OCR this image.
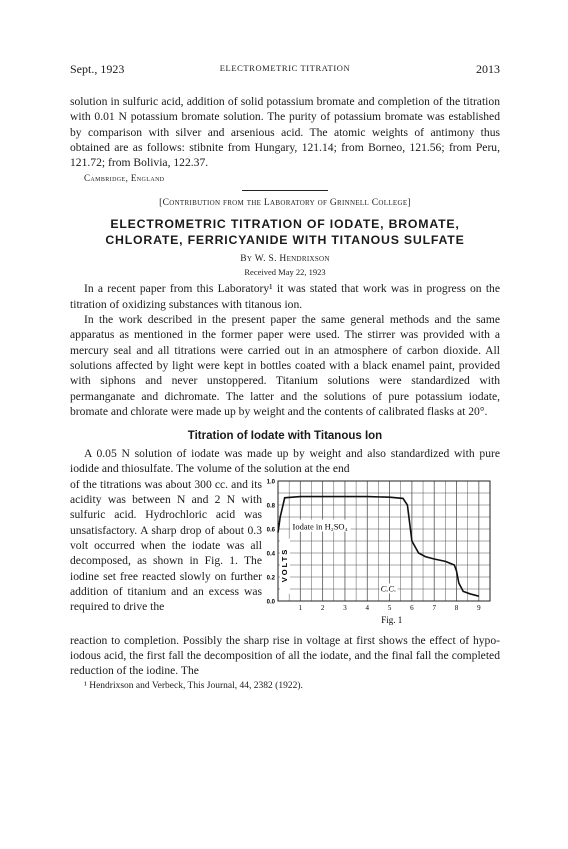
Sept., 1923	ELECTROMETRIC TITRATION	2013

solution in sulfuric acid, addition of solid potassium bromate and completion of the titration with 0.01 N potassium bromate solution. The purity of potassium bromate was established by comparison with silver and arsenious acid. The atomic weights of antimony thus obtained are as follows: stibnite from Hungary, 121.14; from Borneo, 121.56; from Peru, 121.72; from Bolivia, 122.37.

Cambridge, England

[Contribution from the Laboratory of Grinnell College]

ELECTROMETRIC TITRATION OF IODATE, BROMATE,

CHLORATE, FERRICYANIDE WITH TITANOUS SULFATE

By W. S. Hendrixson

Received May 22, 1923

In a recent paper from this Laboratory¹ it was stated that work was in progress on the titration of oxidizing substances with titanous ion.

In the work described in the present paper the same general methods and the same apparatus as mentioned in the former paper were used. The stirrer was provided with a mercury seal and all titrations were carried out in an atmosphere of carbon dioxide. All solutions affected by light were kept in bottles coated with a black enamel paint, provided with siphons and never unstoppered. Titanium solutions were standardized with permanganate and dichromate. The latter and the solutions of pure potassium iodate, bromate and chlorate were made up by weight and the contents of calibrated flasks at 20°.

Titration of Iodate with Titanous Ion

A 0.05 N solution of iodate was made up by weight and also standardized with pure iodide and thiosulfate. The volume of the solution at the end

of the titrations was about 300 cc. and its acidity was between N and 2 N with sulfuric acid. Hydrochloric acid was unsatisfactory. A sharp drop of about 0.3 volt occurred when the iodate was all decomposed, as shown in Fig. 1. The iodine set free reacted slowly on further addition of titanium and an excess was required to drive the	1	2	3	4	5	6	7	8	9
0.0
0.2
0.4
0.6
0.8
1.0
VOLTS
Iodate in H₂SO₄
C.C.
Fig. 1

reaction to completion. Possibly the sharp rise in voltage at first shows the effect of hypo-iodous acid, the first fall the decomposition of all the iodate, and the final fall the completed reduction of the iodine. The

¹ Hendrixson and Verbeck, This Journal, 44, 2382 (1922).
